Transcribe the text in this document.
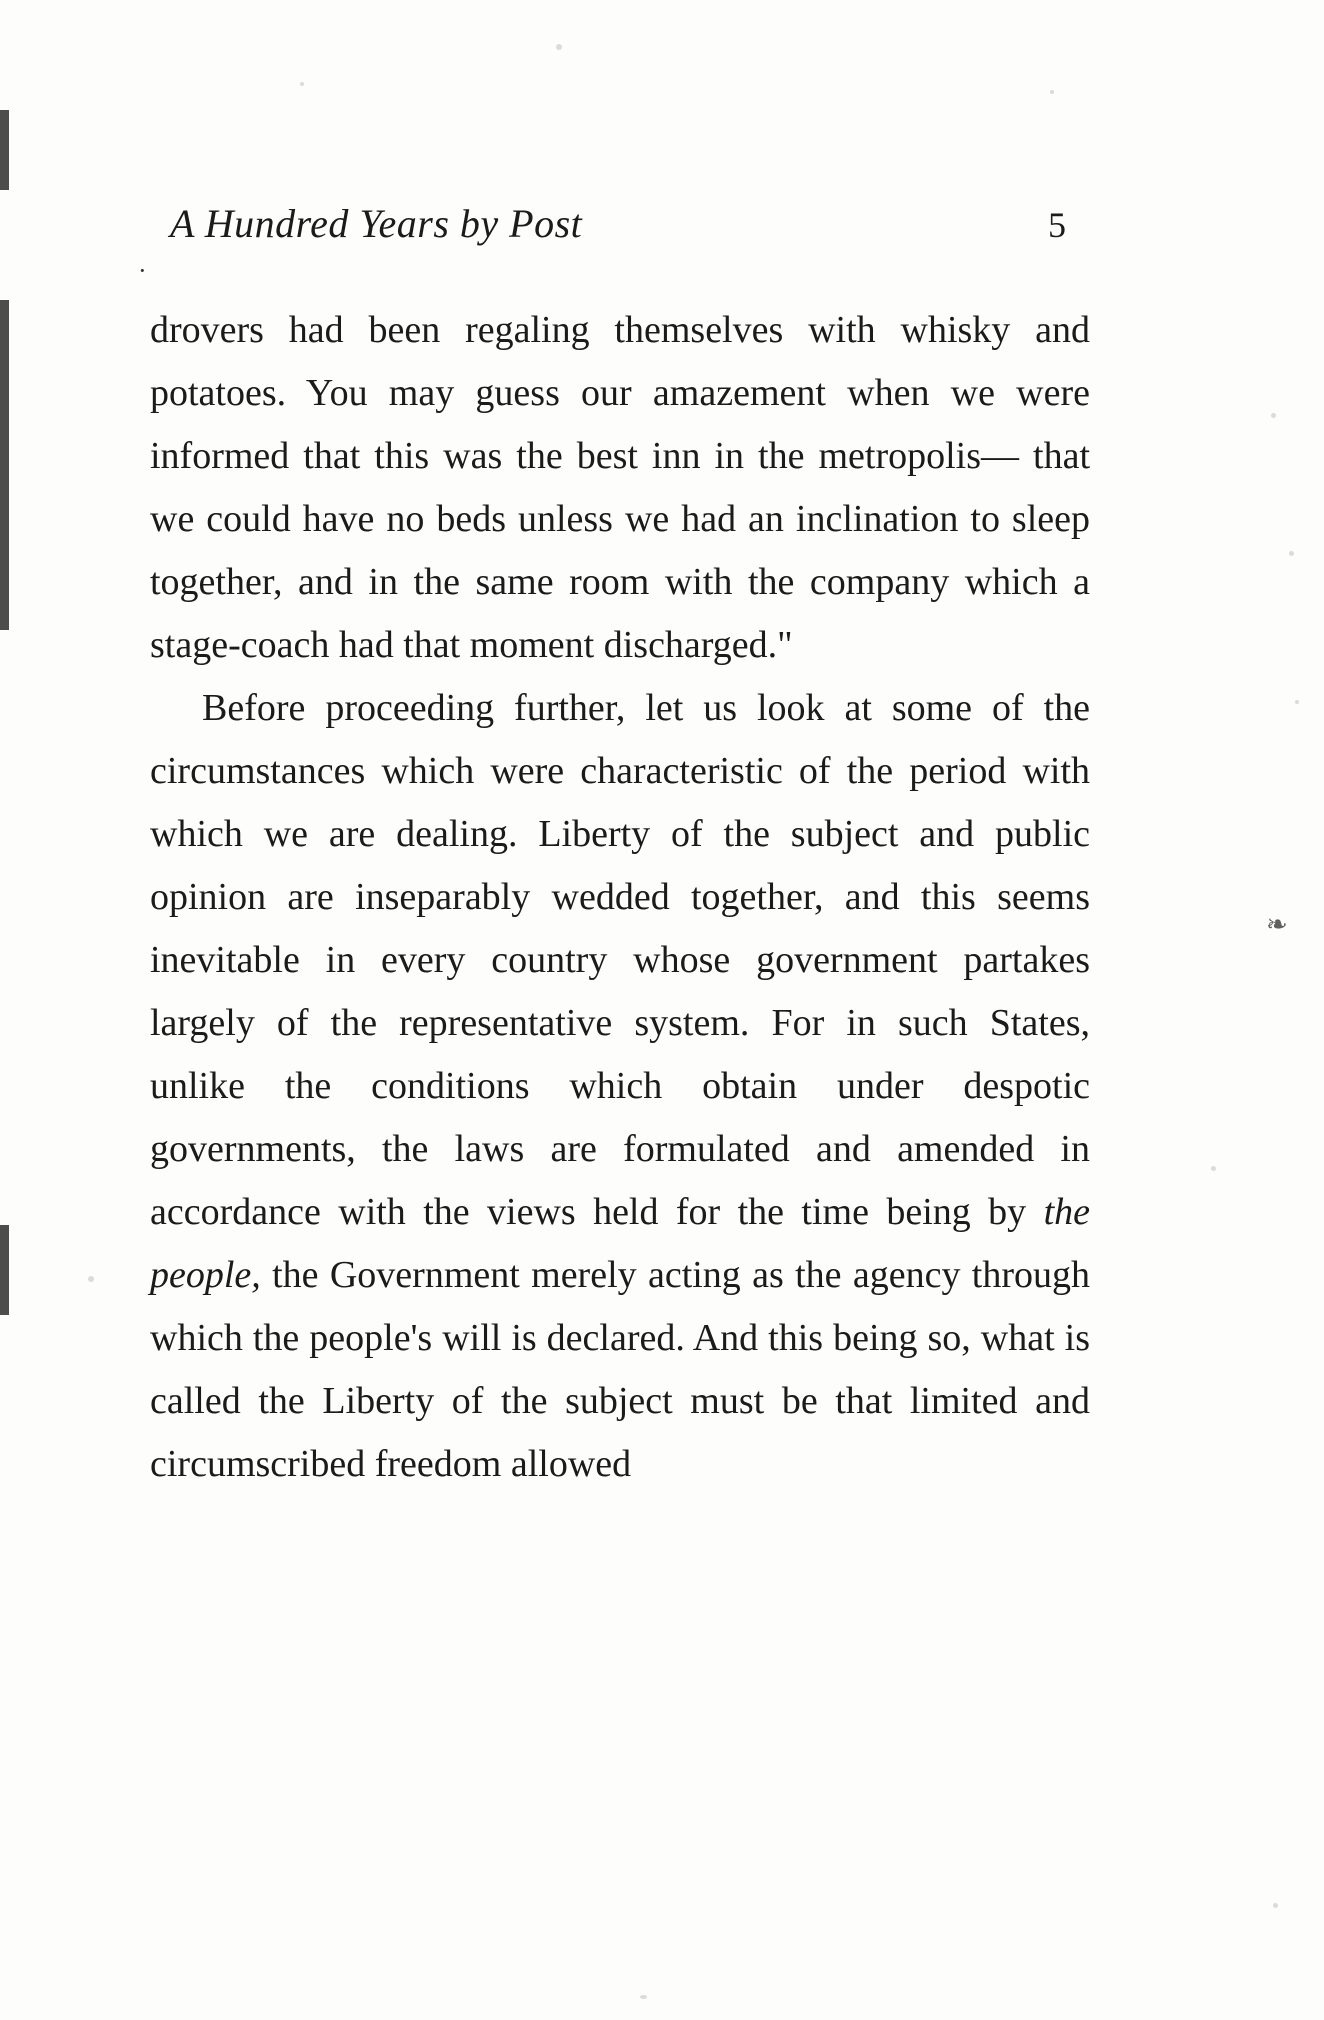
❧
·
A Hundred Years by Post	5

drovers had been regaling themselves with whisky and potatoes. You may guess our amazement when we were informed that this was the best inn in the metropolis— that we could have no beds unless we had an inclination to sleep together, and in the same room with the company which a stage-coach had that moment discharged."

Before proceeding further, let us look at some of the circumstances which were characteristic of the period with which we are dealing. Liberty of the subject and public opinion are inseparably wedded together, and this seems inevitable in every country whose government partakes largely of the representative system. For in such States, unlike the conditions which obtain under despotic governments, the laws are formulated and amended in accordance with the views held for the time being by the people, the Government merely acting as the agency through which the people's will is declared. And this being so, what is called the Liberty of the subject must be that limited and circumscribed freedom allowed
